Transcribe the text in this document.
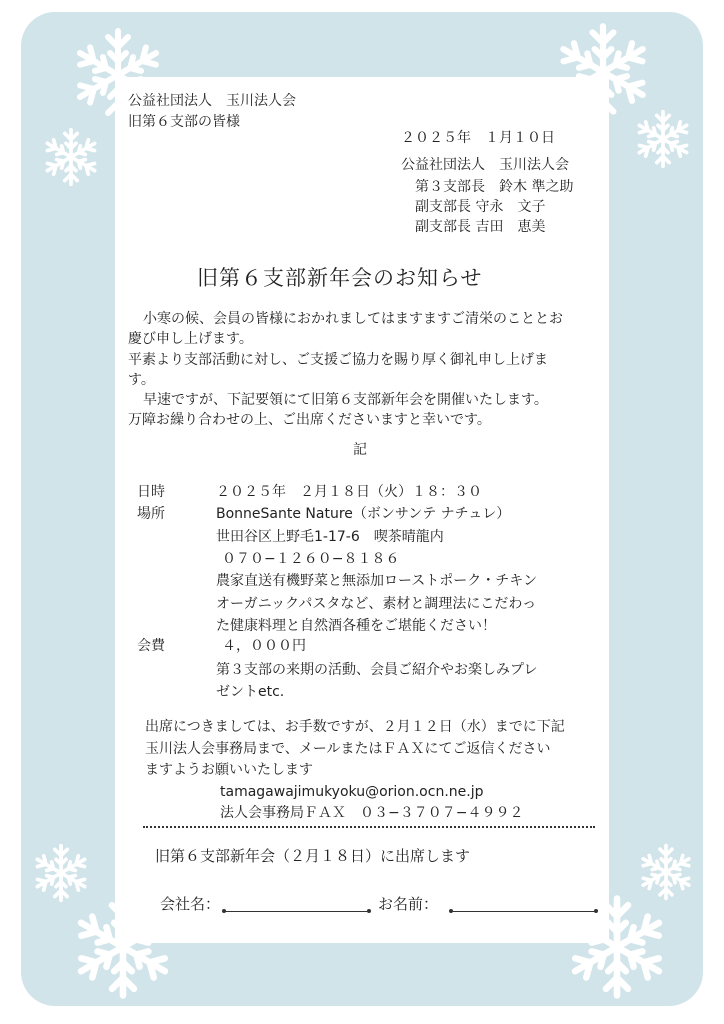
公益社団法人　玉川法人会
旧第６支部の皆様
２０２５年　１月１０日
公益社団法人　玉川法人会
第３支部長　鈴木 準之助
副支部長 守永　文子
副支部長 吉田　恵美
旧第６支部新年会のお知らせ
小寒の候、会員の皆様におかれましてはますますご清栄のこととお
慶び申し上げます。
平素より支部活動に対し、ご支援ご協力を賜り厚く御礼申し上げま
す。
早速ですが、下記要領にて旧第６支部新年会を開催いたします。
万障お繰り合わせの上、ご出席くださいますと幸いです。
記
日時	２０２５年　２月１８日（火）１８：３０
場所	BonneSante Nature（ボンサンテ ナチュレ）
世田谷区上野毛1-17-6　喫茶晴龍内
０７０−１２６０−８１８６
農家直送有機野菜と無添加ローストポーク・チキン
オーガニックパスタなど、素材と調理法にこだわっ
た健康料理と自然酒各種をご堪能ください！
会費	４，０００円
第３支部の来期の活動、会員ご紹介やお楽しみプレ
ゼントetc.
出席につきましては、お手数ですが、２月１２日（水）までに下記
玉川法人会事務局まで、メールまたはＦＡＸにてご返信ください
ますようお願いいたします
tamagawajimukyoku@orion.ocn.ne.jp
法人会事務局ＦＡＸ　０３−３７０７−４９９２
旧第６支部新年会（２月１８日）に出席します
会社名：	お名前：
